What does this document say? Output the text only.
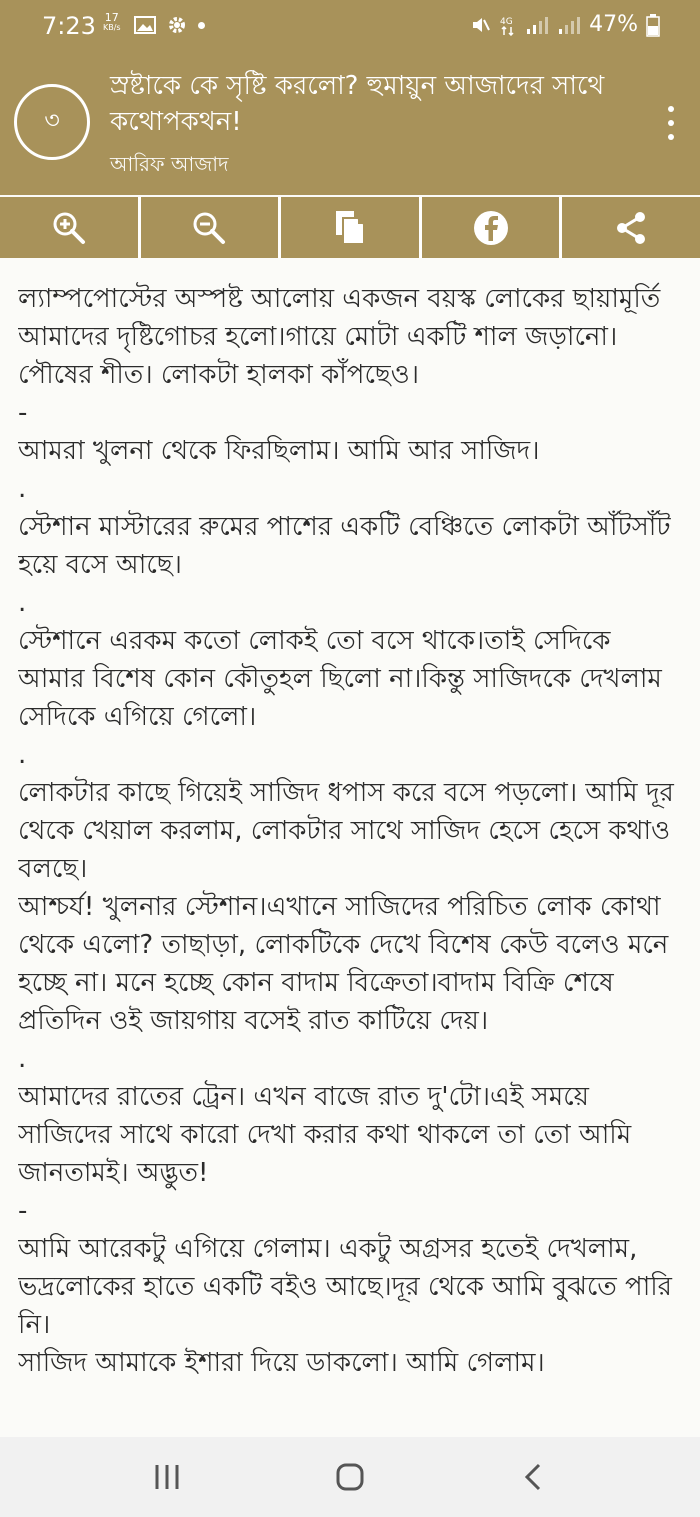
7:23 17
KB/s
4G	47%
৩
স্রষ্টাকে কে সৃষ্টি করলো? হুমায়ুন আজাদের সাথে কথোপকথন!
আরিফ আজাদ

ল্যাম্পপোস্টের অস্পষ্ট আলোয় একজন বয়স্ক লোকের ছায়ামূর্তি আমাদের দৃষ্টিগোচর হলো।গায়ে মোটা একটি শাল জড়ানো। পৌষের শীত। লোকটা হালকা কাঁপছেও।

-

আমরা খুলনা থেকে ফিরছিলাম। আমি আর সাজিদ।

.

স্টেশান মাস্টারের রুমের পাশের একটি বেঞ্চিতে লোকটা আঁটসাঁট হয়ে বসে আছে।

.

স্টেশানে এরকম কতো লোকই তো বসে থাকে।তাই সেদিকে আমার বিশেষ কোন কৌতুহল ছিলো না।কিন্তু সাজিদকে দেখলাম সেদিকে এগিয়ে গেলো।

.

লোকটার কাছে গিয়েই সাজিদ ধপাস করে বসে পড়লো। আমি দূর থেকে খেয়াল করলাম, লোকটার সাথে সাজিদ হেসে হেসে কথাও বলছে।

আশ্চর্য! খুলনার স্টেশান।এখানে সাজিদের পরিচিত লোক কোথা থেকে এলো? তাছাড়া, লোকটিকে দেখে বিশেষ কেউ বলেও মনে হচ্ছে না। মনে হচ্ছে কোন বাদাম বিক্রেতা।বাদাম বিক্রি শেষে প্রতিদিন ওই জায়গায় বসেই রাত কাটিয়ে দেয়।

.

আমাদের রাতের ট্রেন। এখন বাজে রাত দু'টো।এই সময়ে সাজিদের সাথে কারো দেখা করার কথা থাকলে তা তো আমি জানতামই। অদ্ভুত!

-

আমি আরেকটু এগিয়ে গেলাম। একটু অগ্রসর হতেই দেখলাম, ভদ্রলোকের হাতে একটি বইও আছে।দূর থেকে আমি বুঝতে পারি নি।

সাজিদ আমাকে ইশারা দিয়ে ডাকলো। আমি গেলাম।
